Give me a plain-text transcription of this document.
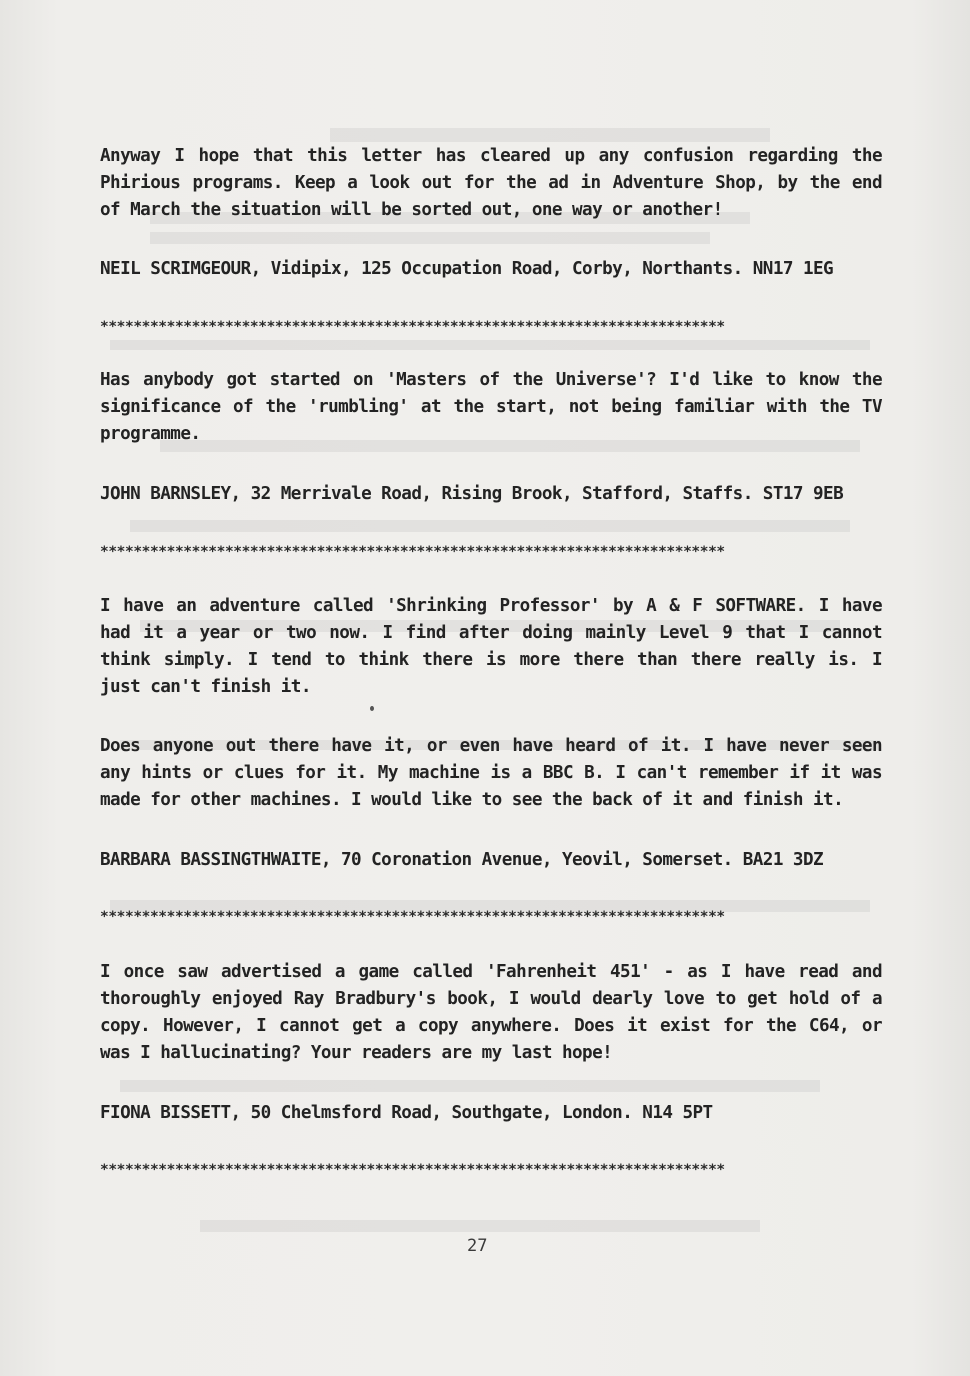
Anyway I hope that this letter has cleared up any confusion regarding the Phirious programs. Keep a look out for the ad in Adventure Shop, by the end of March the situation will be sorted out, one way or another!

NEIL SCRIMGEOUR, Vidipix, 125 Occupation Road, Corby, Northants. NN17 1EG

***************************************************************************

Has anybody got started on 'Masters of the Universe'? I'd like to know the significance of the 'rumbling' at the start, not being familiar with the TV programme.

JOHN BARNSLEY, 32 Merrivale Road, Rising Brook, Stafford, Staffs. ST17 9EB

***************************************************************************

I have an adventure called 'Shrinking Professor' by A & F SOFTWARE. I have had it a year or two now. I find after doing mainly Level 9 that I cannot think simply. I tend to think there is more there than there really is. I just can't finish it.

Does anyone out there have it, or even have heard of it. I have never seen any hints or clues for it. My machine is a BBC B. I can't remember if it was made for other machines. I would like to see the back of it and finish it.

BARBARA BASSINGTHWAITE, 70 Coronation Avenue, Yeovil, Somerset. BA21 3DZ

***************************************************************************

I once saw advertised a game called 'Fahrenheit 451' - as I have read and thoroughly enjoyed Ray Bradbury's book, I would dearly love to get hold of a copy. However, I cannot get a copy anywhere. Does it exist for the C64, or was I hallucinating? Your readers are my last hope!

FIONA BISSETT, 50 Chelmsford Road, Southgate, London. N14 5PT

***************************************************************************

27
